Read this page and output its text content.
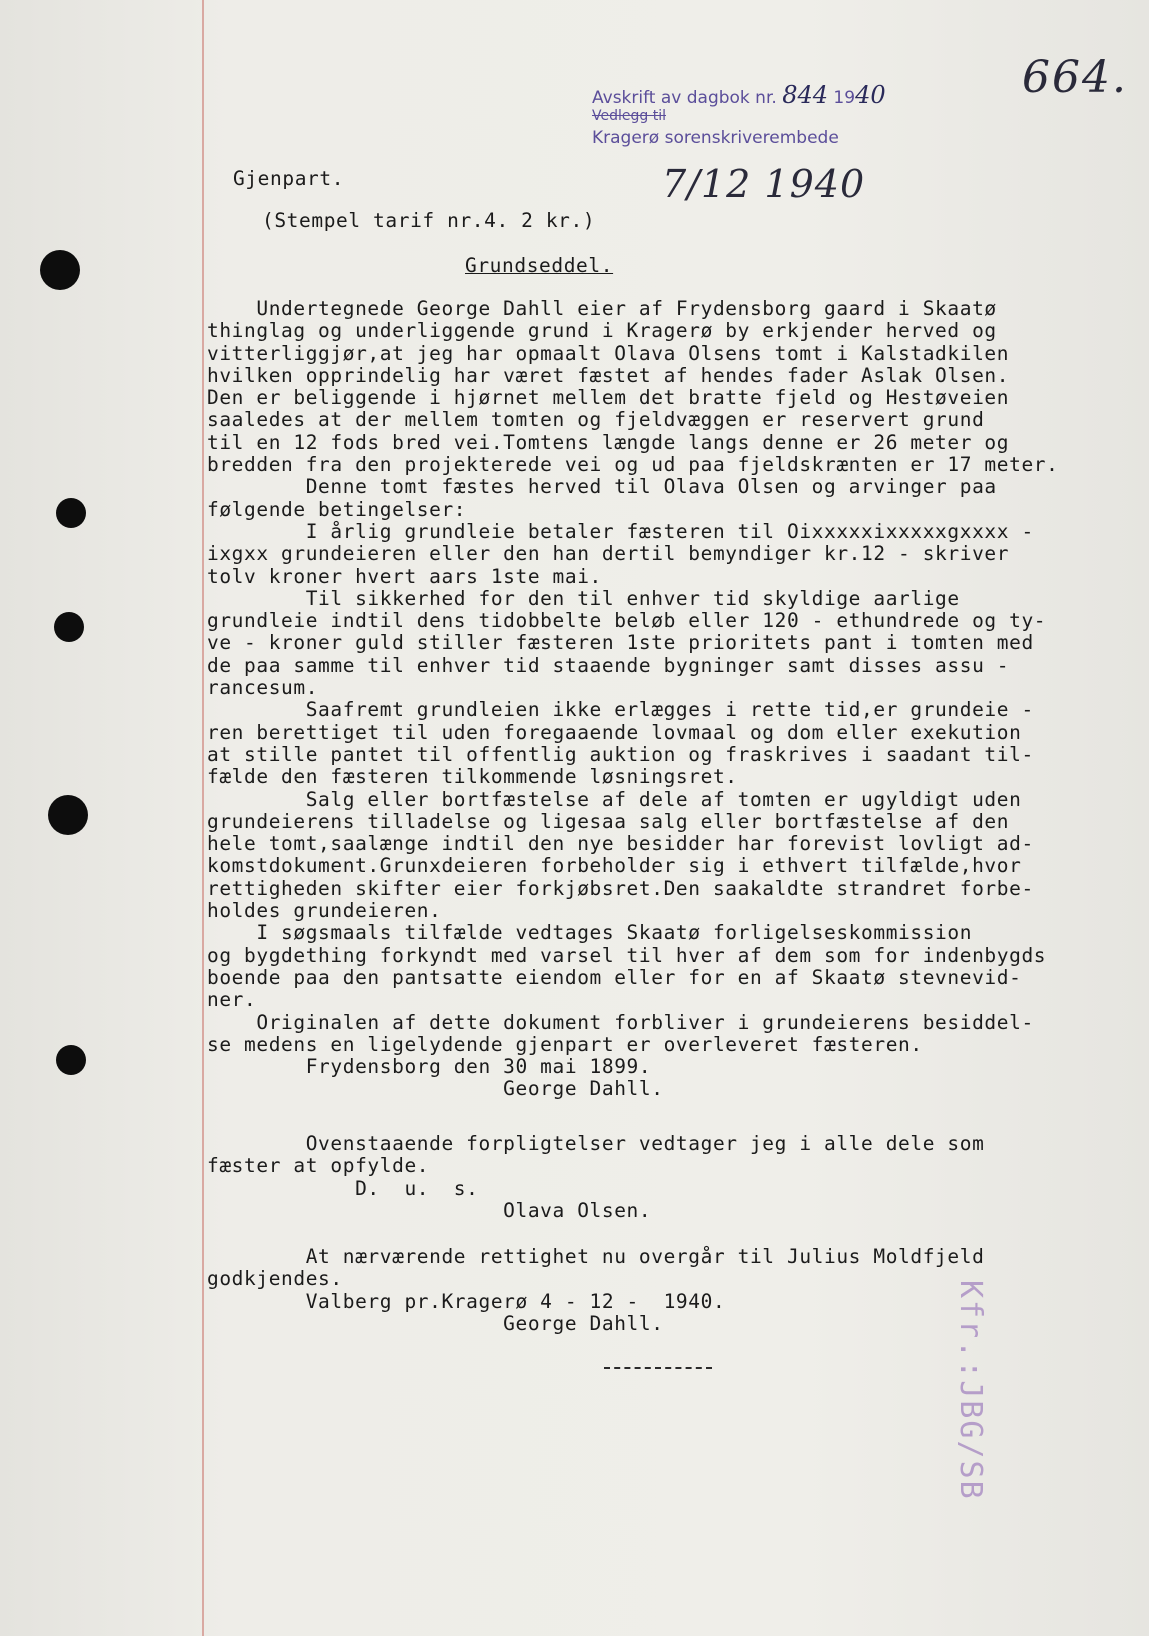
Avskrift av dagbok nr. 844 1940
Vedlegg til
Kragerø sorenskriverembede
664.
7/12 1940
Gjenpart.
(Stempel tarif nr.4. 2 kr.)
Grundseddel.
Undertegnede George Dahll eier af Frydensborg gaard i Skaatø
thinglag og underliggende grund i Kragerø by erkjender herved og
vitterliggjør,at jeg har opmaalt Olava Olsens tomt i Kalstadkilen
hvilken opprindelig har været fæstet af hendes fader Aslak Olsen.
Den er beliggende i hjørnet mellem det bratte fjeld og Hestøveien
saaledes at der mellem tomten og fjeldvæggen er reservert grund
til en 12 fods bred vei.Tomtens længde langs denne er 26 meter og
bredden fra den projekterede vei og ud paa fjeldskrænten er 17 meter.
Denne tomt fæstes herved til Olava Olsen og arvinger paa
følgende betingelser:
I årlig grundleie betaler fæsteren til Oixxxxxixxxxxgxxxx -
ixgxx grundeieren eller den han dertil bemyndiger kr.12 - skriver
tolv kroner hvert aars 1ste mai.
Til sikkerhed for den til enhver tid skyldige aarlige
grundleie indtil dens tidobbelte beløb eller 120 - ethundrede og ty-
ve - kroner guld stiller fæsteren 1ste prioritets pant i tomten med
de paa samme til enhver tid staaende bygninger samt disses assu -
rancesum.
Saafremt grundleien ikke erlægges i rette tid,er grundeie -
ren berettiget til uden foregaaende lovmaal og dom eller exekution
at stille pantet til offentlig auktion og fraskrives i saadant til-
fælde den fæsteren tilkommende løsningsret.
Salg eller bortfæstelse af dele af tomten er ugyldigt uden
grundeierens tilladelse og ligesaa salg eller bortfæstelse af den
hele tomt,saalænge indtil den nye besidder har forevist lovligt ad-
komstdokument.Grunxdeieren forbeholder sig i ethvert tilfælde,hvor
rettigheden skifter eier forkjøbsret.Den saakaldte strandret forbe-
holdes grundeieren.
I søgsmaals tilfælde vedtages Skaatø forligelseskommission
og bygdething forkyndt med varsel til hver af dem som for indenbygds
boende paa den pantsatte eiendom eller for en af Skaatø stevnevid-
ner.
Originalen af dette dokument forbliver i grundeierens besiddel-
se medens en ligelydende gjenpart er overleveret fæsteren.
Frydensborg den 30 mai 1899.
George Dahll.
Ovenstaaende forpligtelser vedtager jeg i alle dele som
fæster at opfylde.
D.  u.  s.
Olava Olsen.
At nærværende rettighet nu overgår til Julius Moldfjeld
godkjendes.
Valberg pr.Kragerø 4 - 12 -  1940.
George Dahll.	Kfr.:JBG/SB
